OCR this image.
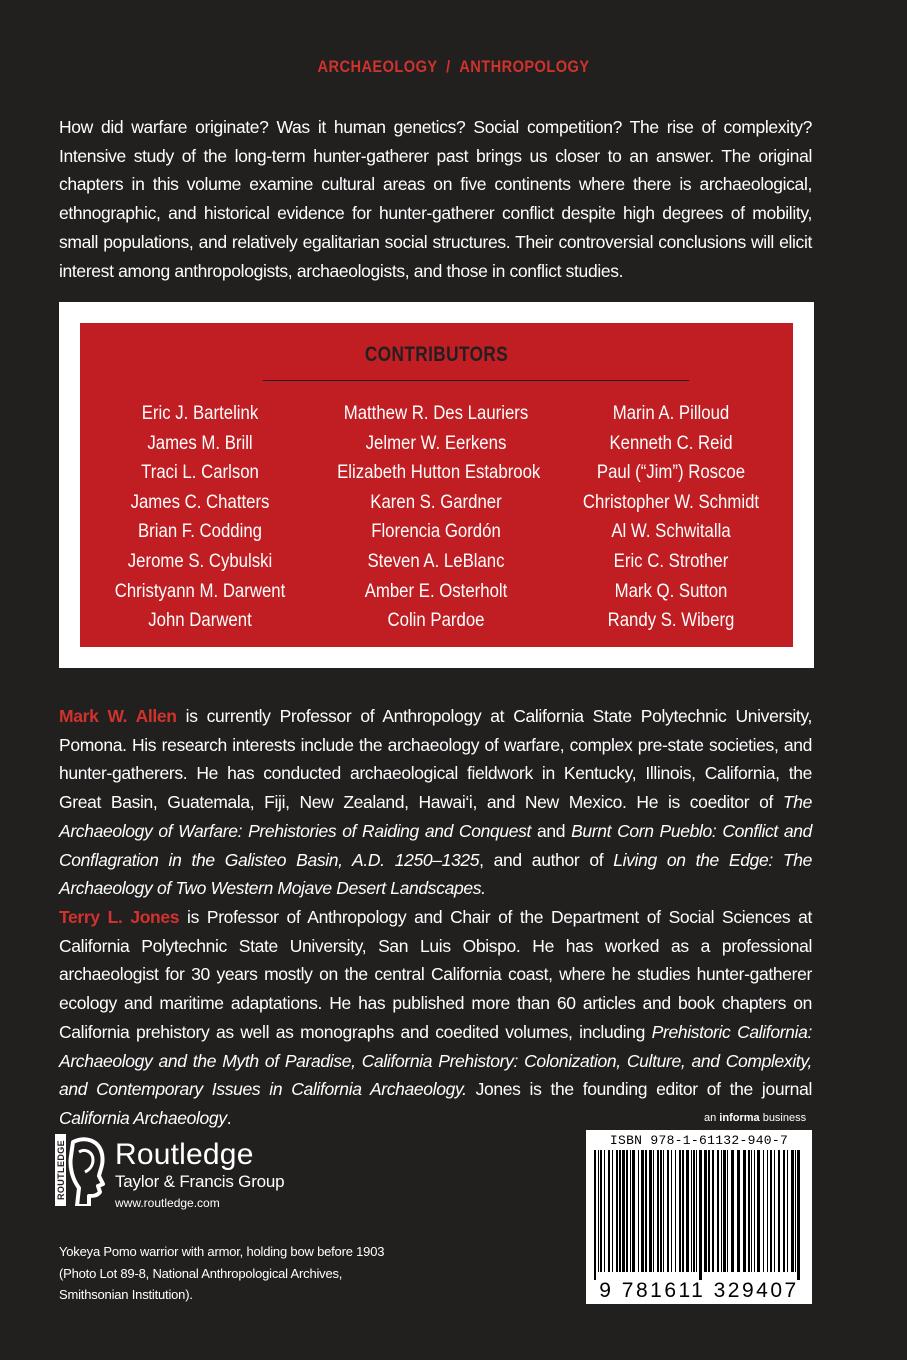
ARCHAEOLOGY / ANTHROPOLOGY
How did warfare originate? Was it human genetics? Social competition? The rise of complexity? Intensive study of the long-term hunter-gatherer past brings us closer to an answer. The original chapters in this volume examine cultural areas on five continents where there is archaeological, ethnographic, and historical evidence for hunter-gatherer conflict despite high degrees of mobility, small populations, and relatively egalitarian social structures. Their controversial conclusions will elicit interest among anthropologists, archaeologists, and those in conflict studies.
CONTRIBUTORS
Eric J. Bartelink
James M. Brill
Traci L. Carlson
James C. Chatters
Brian F. Codding
Jerome S. Cybulski
Christyann M. Darwent
John Darwent
Matthew R. Des Lauriers
Jelmer W. Eerkens
Elizabeth Hutton Estabrook
Karen S. Gardner
Florencia Gordón
Steven A. LeBlanc
Amber E. Osterholt
Colin Pardoe
Marin A. Pilloud
Kenneth C. Reid
Paul (“Jim”) Roscoe
Christopher W. Schmidt
Al W. Schwitalla
Eric C. Strother
Mark Q. Sutton
Randy S. Wiberg
Mark W. Allen is currently Professor of Anthropology at California State Polytechnic University, Pomona. His research interests include the archaeology of warfare, complex pre-state societies, and hunter-gatherers. He has conducted archaeological fieldwork in Kentucky, Illinois, California, the Great Basin, Guatemala, Fiji, New Zealand, Hawai‘i, and New Mexico. He is coeditor of The Archaeology of Warfare: Prehistories of Raiding and Conquest and Burnt Corn Pueblo: Conflict and Conflagration in the Galisteo Basin, A.D. 1250–1325, and author of Living on the Edge: The Archaeology of Two Western Mojave Desert Landscapes.
Terry L. Jones is Professor of Anthropology and Chair of the Department of Social Sciences at California Polytechnic State University, San Luis Obispo. He has worked as a professional archaeologist for 30 years mostly on the central California coast, where he studies hunter-gatherer ecology and maritime adaptations. He has published more than 60 articles and book chapters on California prehistory as well as monographs and coedited volumes, including Prehistoric California: Archaeology and the Myth of Paradise, California Prehistory: Colonization, Culture, and Complexity, and Contemporary Issues in California Archaeology. Jones is the founding editor of the journal California Archaeology.	an informa business
ISBN 978-1-61132-940-7
9 781611 329407
ROUTLEDGE Routledge
Taylor & Francis Group
www.routledge.com
Yokeya Pomo warrior with armor, holding bow before 1903
(Photo Lot 89-8, National Anthropological Archives,
Smithsonian Institution).
